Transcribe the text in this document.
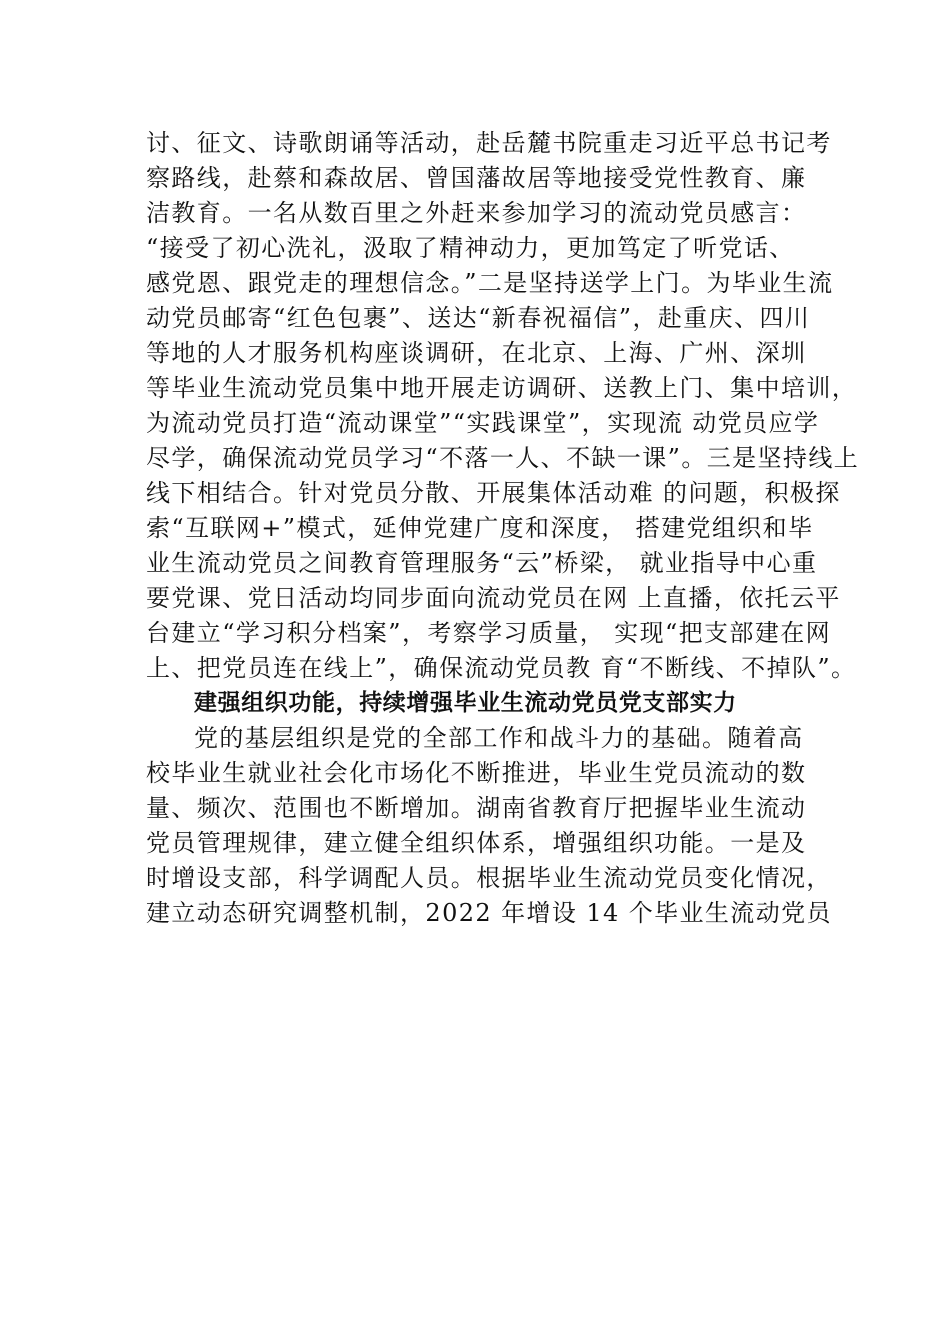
讨、征文、诗歌朗诵等活动，赴岳麓书院重走习近平总书记考
察路线，赴蔡和森故居、曾国藩故居等地接受党性教育、廉
洁教育。一名从数百里之外赶来参加学习的流动党员感言：
“接受了初心洗礼，汲取了精神动力，更加笃定了听党话、
感党恩、跟党走的理想信念。”二是坚持送学上门。为毕业生流
动党员邮寄“红色包裹”、送达“新春祝福信”，赴重庆、四川
等地的人才服务机构座谈调研，在北京、上海、广州、深圳
等毕业生流动党员集中地开展走访调研、送教上门、集中培训，
为流动党员打造“流动课堂”“实践课堂”，实现流 动党员应学
尽学，确保流动党员学习“不落一人、不缺一课”。三是坚持线上
线下相结合。针对党员分散、开展集体活动难 的问题，积极探
索“互联网+”模式，延伸党建广度和深度， 搭建党组织和毕
业生流动党员之间教育管理服务“云”桥梁， 就业指导中心重
要党课、党日活动均同步面向流动党员在网 上直播，依托云平
台建立“学习积分档案”，考察学习质量， 实现“把支部建在网
上、把党员连在线上”，确保流动党员教 育“不断线、不掉队”。
建强组织功能，持续增强毕业生流动党员党支部实力
党的基层组织是党的全部工作和战斗力的基础。随着高
校毕业生就业社会化市场化不断推进，毕业生党员流动的数
量、频次、范围也不断增加。湖南省教育厅把握毕业生流动
党员管理规律，建立健全组织体系，增强组织功能。一是及
时增设支部，科学调配人员。根据毕业生流动党员变化情况，
建立动态研究调整机制，2022 年增设 14 个毕业生流动党员
